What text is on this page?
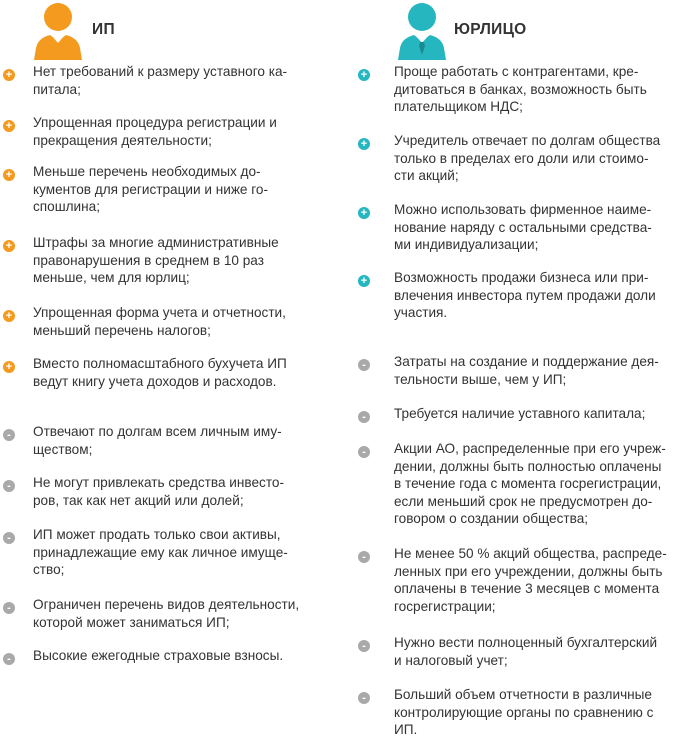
ИП
+ Нет требований к размеру уставного ка-
питала;
+ Упрощенная процедура регистрации и
прекращения деятельности;
+ Меньше перечень необходимых до-
кументов для регистрации и ниже го-
спошлина;
+ Штрафы за многие административные
правонарушения в среднем в 10 раз
меньше, чем для юрлиц;
+ Упрощенная форма учета и отчетности,
меньший перечень налогов;
+ Вместо полномасштабного бухучета ИП
ведут книгу учета доходов и расходов.
-	Отвечают по долгам всем личным иму-
ществом;
-	Не могут привлекать средства инвесто-
ров, так как нет акций или долей;
-	ИП может продать только свои активы,
принадлежащие ему как личное имуще-
ство;
-	Ограничен перечень видов деятельности,
которой может заниматься ИП;
-	Высокие ежегодные страховые взносы.
ЮРЛИЦО
+ Проще работать с контрагентами, кре-
дитоваться в банках, возможность быть
плательщиком НДС;
+ Учредитель отвечает по долгам общества
только в пределах его доли или стоимо-
сти акций;
+ Можно использовать фирменное наиме-
нование наряду с остальными средства-
ми индивидуализации;
+ Возможность продажи бизнеса или при-
влечения инвестора путем продажи доли
участия.
-	Затраты на создание и поддержание дея-
тельности выше, чем у ИП;
-	Требуется наличие уставного капитала;
-	Акции АО, распределенные при его учреж-
дении, должны быть полностью оплачены
в течение года с момента госрегистрации,
если меньший срок не предусмотрен до-
говором о создании общества;
-	Не менее 50 % акций общества, распреде-
ленных при его учреждении, должны быть
оплачены в течение 3 месяцев с момента
госрегистрации;
-	Нужно вести полноценный бухгалтерский
и налоговый учет;
-	Больший объем отчетности в различные
контролирующие органы по сравнению с
ИП.
